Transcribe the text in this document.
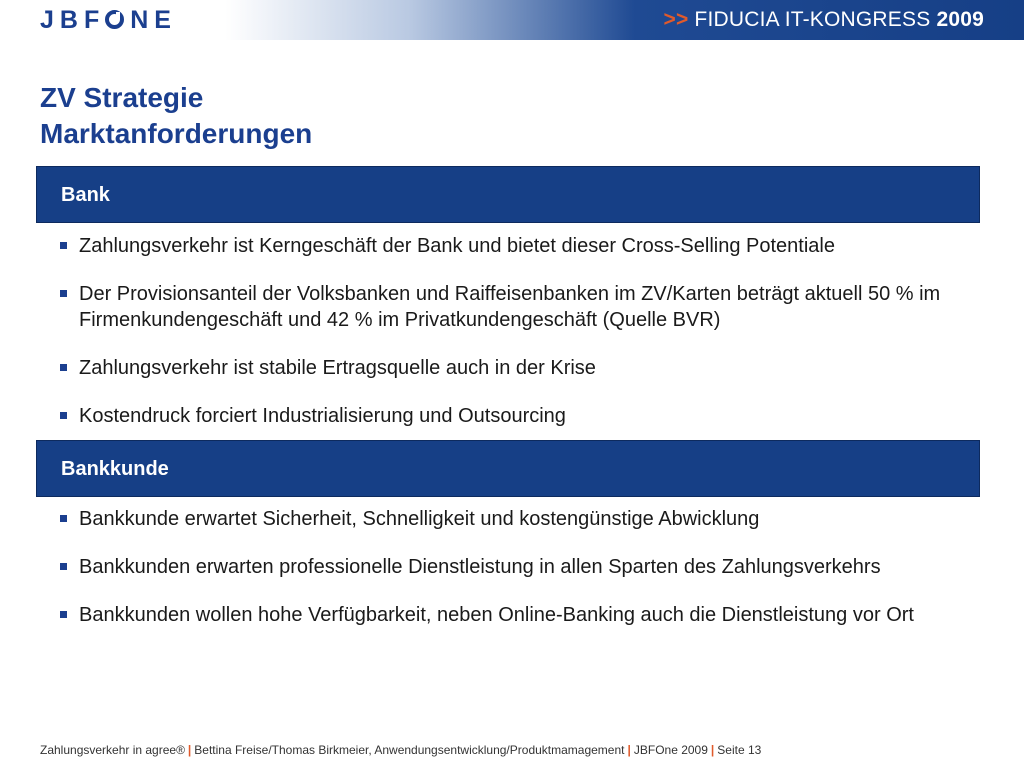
JBF NE	>> FIDUCIA IT-KONGRESS 2009
ZV Strategie
Marktanforderungen
Bank
Zahlungsverkehr ist Kerngeschäft der Bank und bietet dieser Cross-Selling Potentiale
Der Provisionsanteil der Volksbanken und Raiffeisenbanken im ZV/Karten beträgt aktuell 50 % im Firmenkundengeschäft und 42 % im Privatkundengeschäft (Quelle BVR)
Zahlungsverkehr ist stabile Ertragsquelle auch in der Krise
Kostendruck forciert Industrialisierung und Outsourcing
Bankkunde
Bankkunde erwartet Sicherheit, Schnelligkeit und kostengünstige Abwicklung
Bankkunden erwarten professionelle Dienstleistung in allen Sparten des Zahlungsverkehrs
Bankkunden wollen hohe Verfügbarkeit, neben Online-Banking auch die Dienstleistung vor Ort
Zahlungsverkehr in agree® | Bettina Freise/Thomas Birkmeier, Anwendungsentwicklung/Produktmamagement | JBFOne 2009 | Seite 13
